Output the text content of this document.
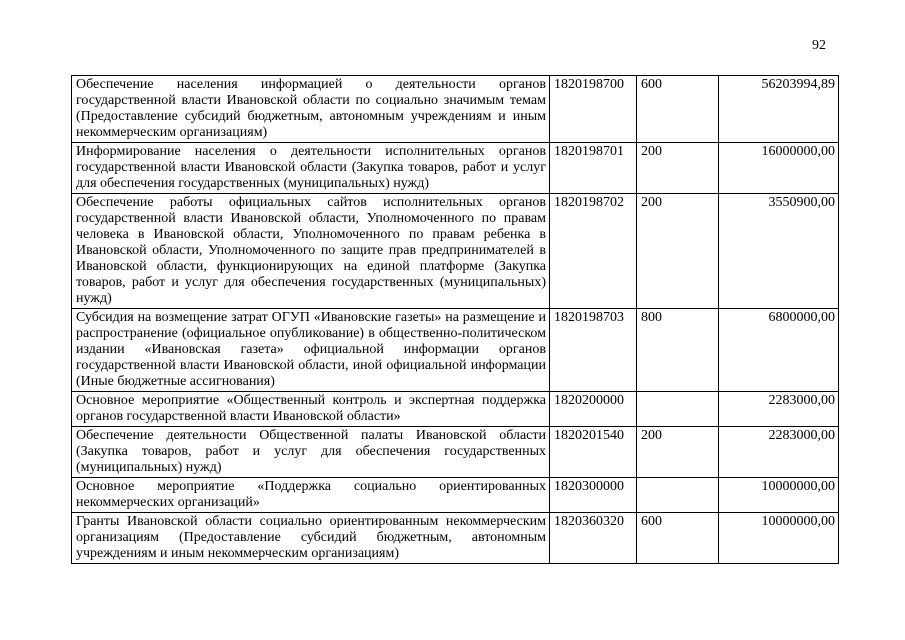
92
Обеспечение населения информацией о деятельности органов государственной власти Ивановской области по социально значимым темам (Предоставление субсидий бюджетным, автономным учреждениям и иным некоммерческим организациям)	1820198700	600	56203994,89
Информирование населения о деятельности исполнительных органов государственной власти Ивановской области (Закупка товаров, работ и услуг для обеспечения государственных (муниципальных) нужд)	1820198701	200	16000000,00
Обеспечение работы официальных сайтов исполнительных органов государственной власти Ивановской области, Уполномоченного по правам человека в Ивановской области, Уполномоченного по правам ребенка в Ивановской области, Уполномоченного по защите прав предпринимателей в Ивановской области, функционирующих на единой платформе (Закупка товаров, работ и услуг для обеспечения государственных (муниципальных) нужд)	1820198702	200	3550900,00
Субсидия на возмещение затрат ОГУП «Ивановские газеты» на размещение и распространение (официальное опубликование) в общественно-политическом издании «Ивановская газета» официальной информации органов государственной власти Ивановской области, иной официальной информации (Иные бюджетные ассигнования)	1820198703	800	6800000,00
Основное мероприятие «Общественный контроль и экспертная поддержка органов государственной власти Ивановской области»	1820200000		2283000,00
Обеспечение деятельности Общественной палаты Ивановской области (Закупка товаров, работ и услуг для обеспечения государственных (муниципальных) нужд)	1820201540	200	2283000,00
Основное мероприятие «Поддержка социально ориентированных некоммерческих организаций»	1820300000		10000000,00
Гранты Ивановской области социально ориентированным некоммерческим организациям (Предоставление субсидий бюджетным, автономным учреждениям и иным некоммерческим организациям)	1820360320	600	10000000,00
